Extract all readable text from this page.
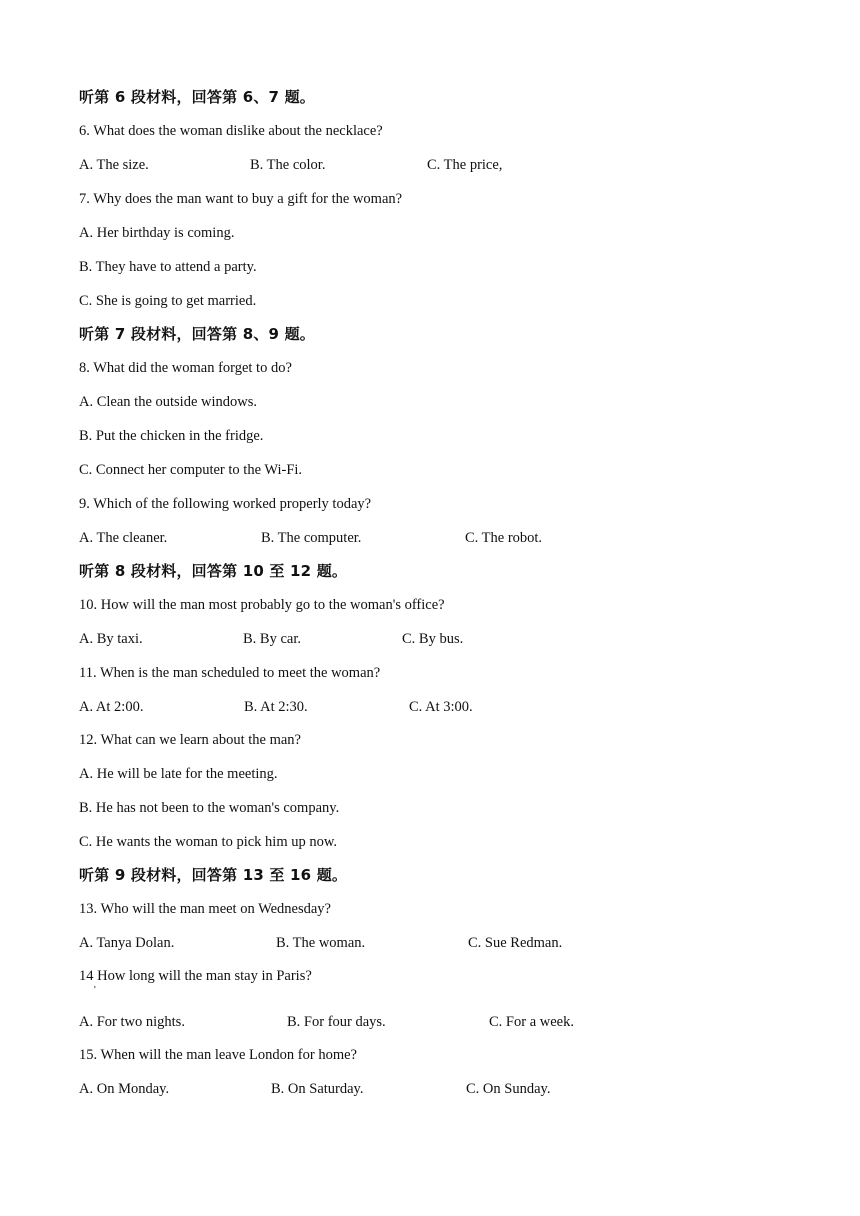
听第 6 段材料，回答第 6、7 题。
6. What does the woman dislike about the necklace?
A. The size.	B. The color.	C. The price,
7. Why does the man want to buy a gift for the woman?
A. Her birthday is coming.
B. They have to attend a party.
C. She is going to get married.
听第 7 段材料，回答第 8、9 题。
8. What did the woman forget to do?
A. Clean the outside windows.
B. Put the chicken in the fridge.
C. Connect her computer to the Wi-Fi.
9. Which of the following worked properly today?
A. The cleaner.	B. The computer.	C. The robot.
听第 8 段材料，回答第 10 至 12 题。
10. How will the man most probably go to the woman's office?
A. By taxi.	B. By car.	C. By bus.
11. When is the man scheduled to meet the woman?
A. At 2:00.	B. At 2:30.	C. At 3:00.
12. What can we learn about the man?
A. He will be late for the meeting.
B. He has not been to the woman's company.
C. He wants the woman to pick him up now.
听第 9 段材料，回答第 13 至 16 题。
13. Who will the man meet on Wednesday?
A. Tanya Dolan.	B. The woman.	C. Sue Redman.
14 How long will the man stay in Paris?
'
A. For two nights.	B. For four days.	C. For a week.
15. When will the man leave London for home?
A. On Monday.	B. On Saturday.	C. On Sunday.
